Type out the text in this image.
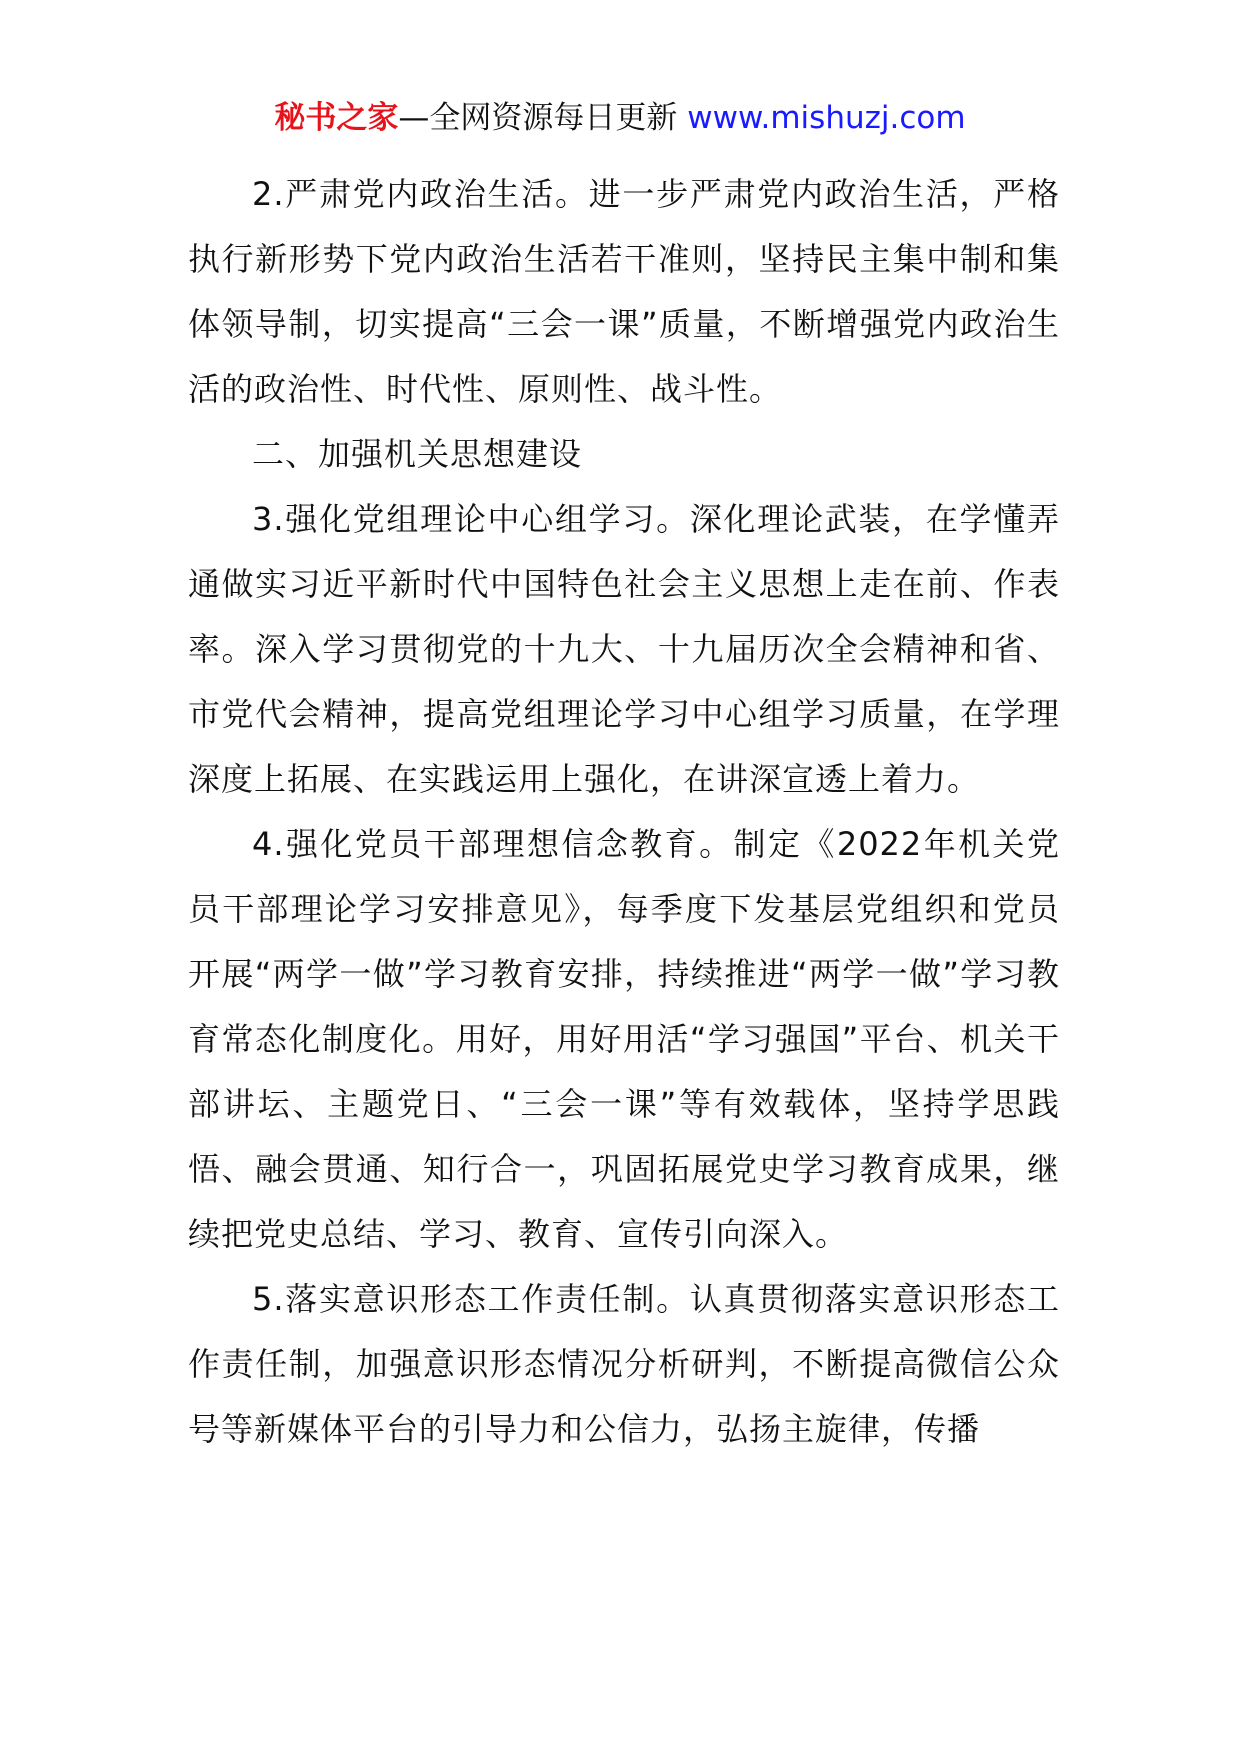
秘书之家—全网资源每日更新 www.mishuzj.com

2.严肃党内政治生活。进一步严肃党内政治生活，严格执行新形势下党内政治生活若干准则，坚持民主集中制和集体领导制，切实提高“三会一课”质量，不断增强党内政治生活的政治性、时代性、原则性、战斗性。

二、加强机关思想建设

3.强化党组理论中心组学习。深化理论武装，在学懂弄通做实习近平新时代中国特色社会主义思想上走在前、作表率。深入学习贯彻党的十九大、十九届历次全会精神和省、市党代会精神，提高党组理论学习中心组学习质量，在学理深度上拓展、在实践运用上强化，在讲深宣透上着力。

4.强化党员干部理想信念教育。制定《2022年机关党员干部理论学习安排意见》，每季度下发基层党组织和党员开展“两学一做”学习教育安排，持续推进“两学一做”学习教育常态化制度化。用好，用好用活“学习强国”平台、机关干部讲坛、主题党日、“三会一课”等有效载体，坚持学思践悟、融会贯通、知行合一，巩固拓展党史学习教育成果，继续把党史总结、学习、教育、宣传引向深入。

5.落实意识形态工作责任制。认真贯彻落实意识形态工作责任制，加强意识形态情况分析研判，不断提高微信公众号等新媒体平台的引导力和公信力，弘扬主旋律，传播
